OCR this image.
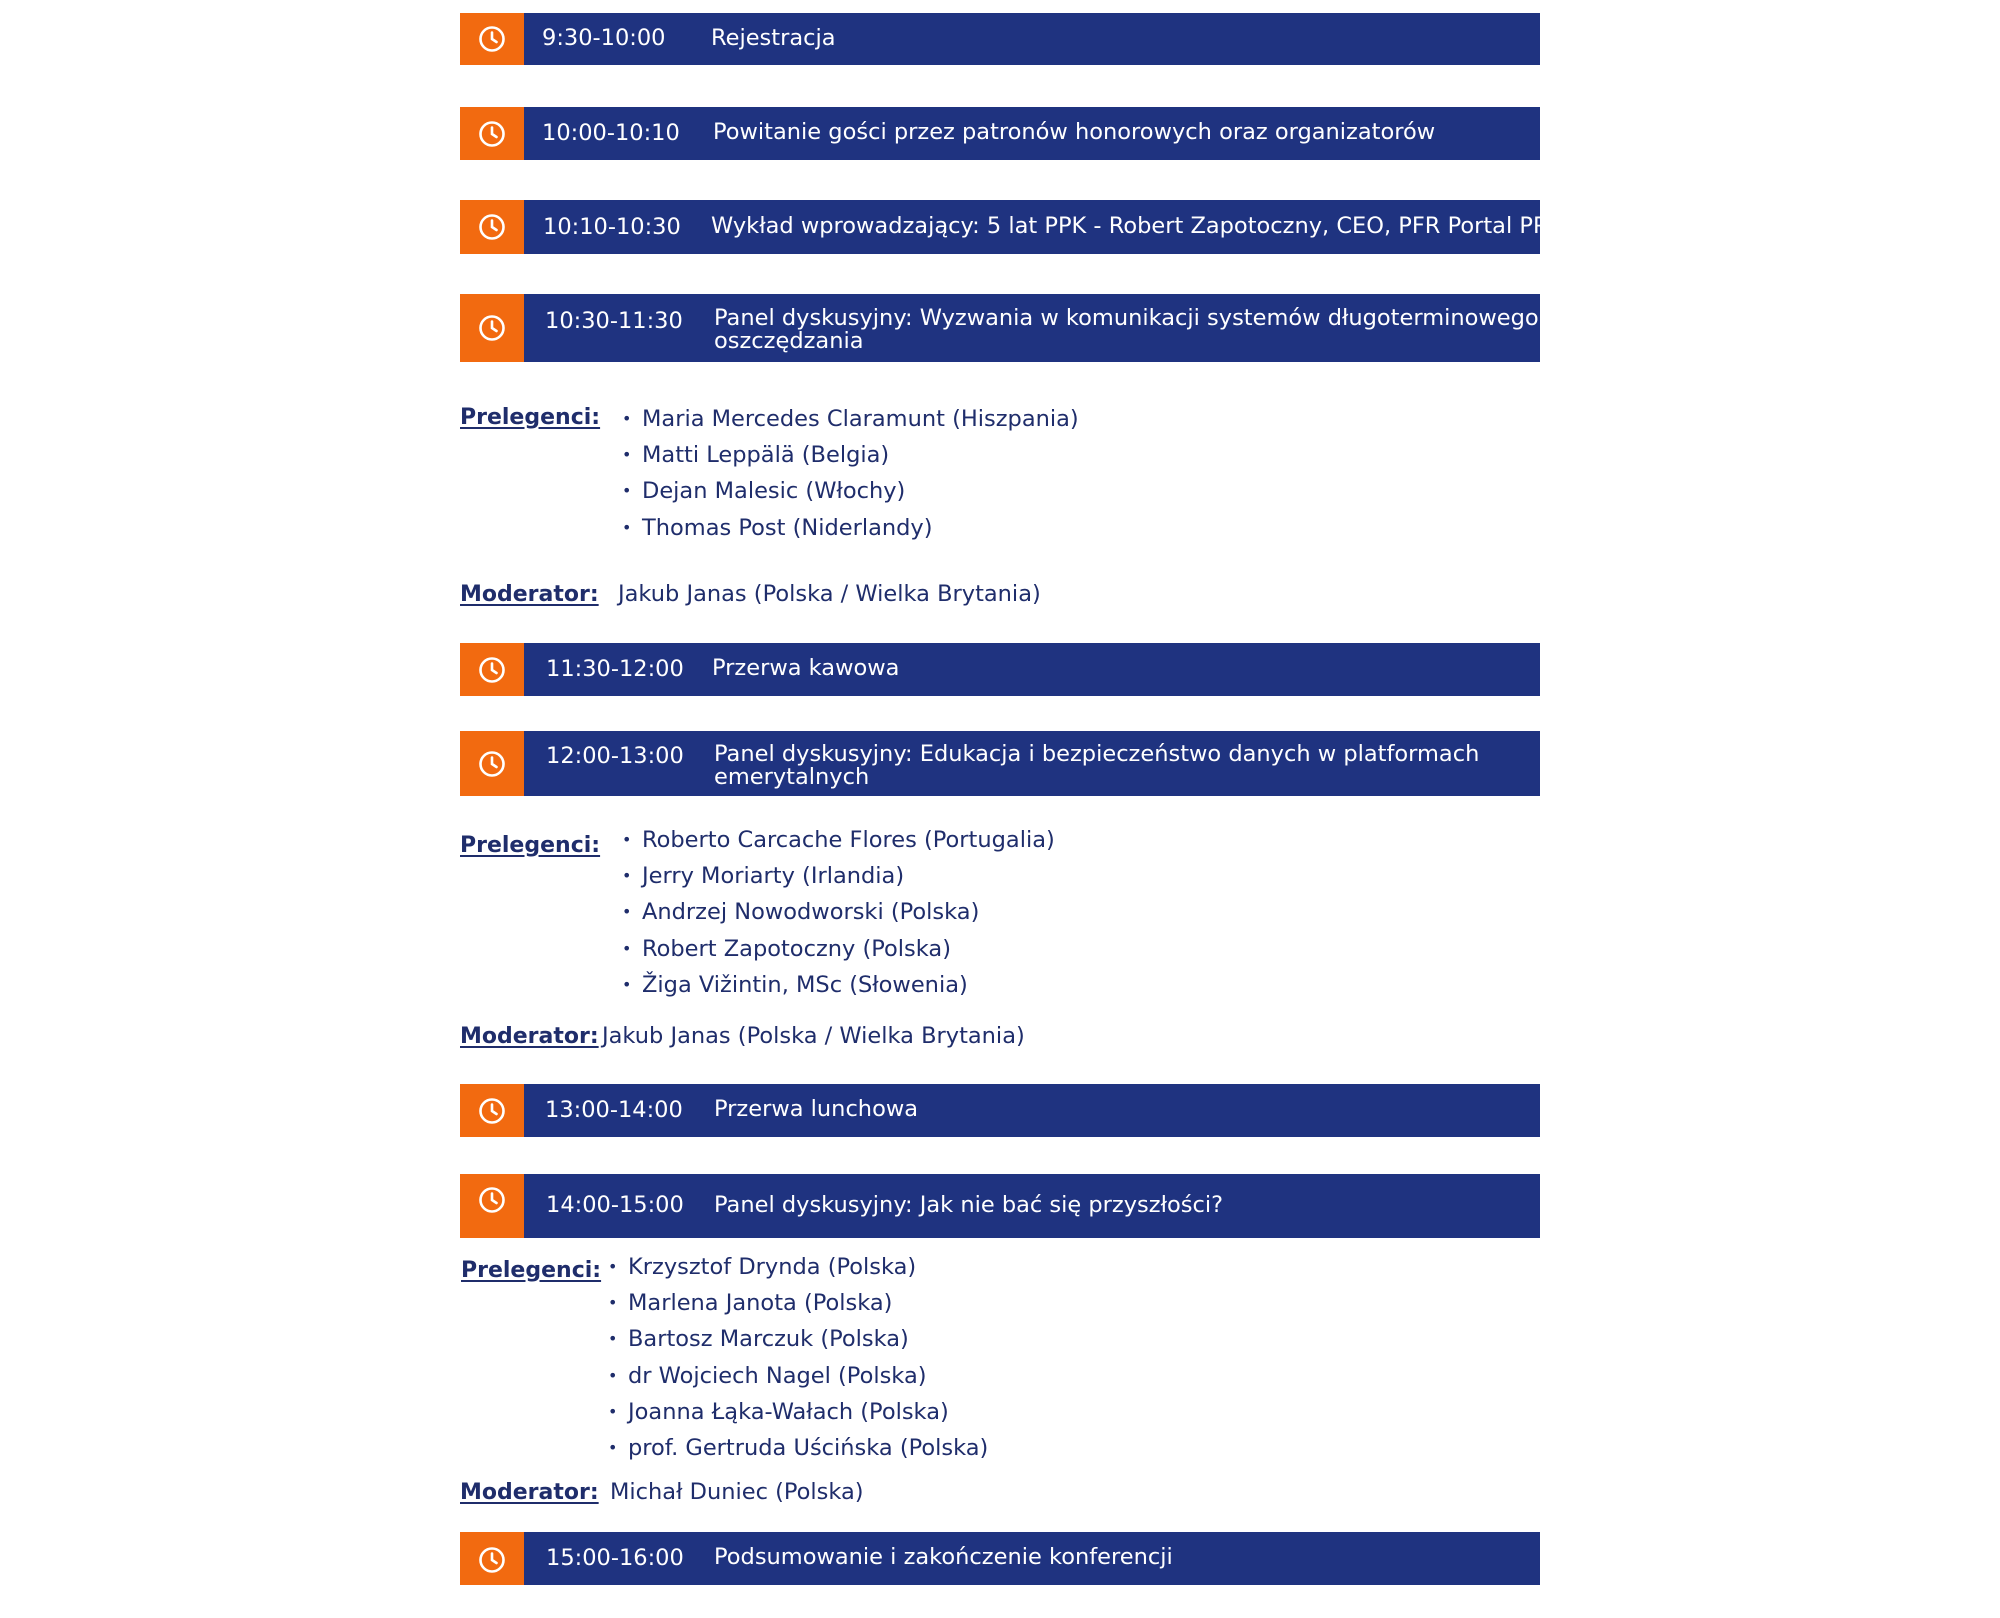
9:30-10:00 Rejestracja
10:00-10:10 Powitanie gości przez patronów honorowych oraz organizatorów
10:10-10:30 Wykład wprowadzający: 5 lat PPK - Robert Zapotoczny, CEO, PFR Portal PPK
10:30-11:30 Panel dyskusyjny: Wyzwania w komunikacji systemów długoterminowego
oszczędzania
Prelegenci: • Maria Mercedes Claramunt (Hiszpania)
• Matti Leppälä (Belgia)
• Dejan Malesic (Włochy)
• Thomas Post (Niderlandy)
Moderator: Jakub Janas (Polska / Wielka Brytania)
11:30-12:00 Przerwa kawowa
12:00-13:00 Panel dyskusyjny: Edukacja i bezpieczeństwo danych w platformach
emerytalnych
Prelegenci: • Roberto Carcache Flores (Portugalia)
• Jerry Moriarty (Irlandia)
• Andrzej Nowodworski (Polska)
• Robert Zapotoczny (Polska)
• Žiga Vižintin, MSc (Słowenia)
Moderator: Jakub Janas (Polska / Wielka Brytania)
13:00-14:00 Przerwa lunchowa
14:00-15:00 Panel dyskusyjny: Jak nie bać się przyszłości?
Prelegenci: • Krzysztof Drynda (Polska)
• Marlena Janota (Polska)
• Bartosz Marczuk (Polska)
• dr Wojciech Nagel (Polska)
• Joanna Łąka-Wałach (Polska)
• prof. Gertruda Uścińska (Polska)
Moderator: Michał Duniec (Polska)
15:00-16:00 Podsumowanie i zakończenie konferencji
